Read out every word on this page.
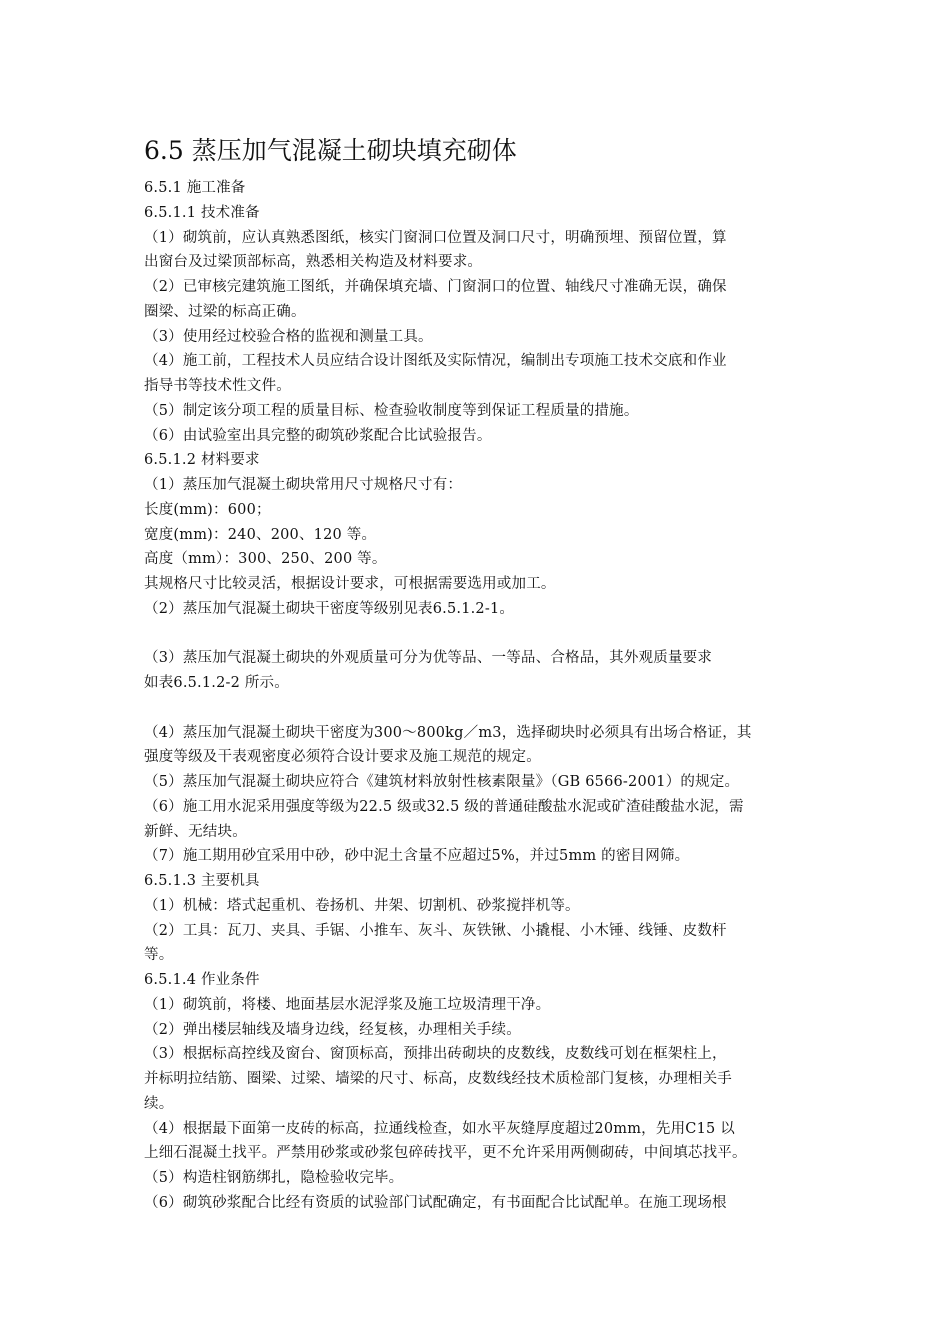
6.5 蒸压加气混凝土砌块填充砌体
6.5.1 施工准备
6.5.1.1 技术准备
（1）砌筑前，应认真熟悉图纸，核实门窗洞口位置及洞口尺寸，明确预埋、预留位置，算
出窗台及过梁顶部标高，熟悉相关构造及材料要求。
（2）已审核完建筑施工图纸，并确保填充墙、门窗洞口的位置、轴线尺寸准确无误，确保
圈梁、过梁的标高正确。
（3）使用经过校验合格的监视和测量工具。
（4）施工前，工程技术人员应结合设计图纸及实际情况，编制出专项施工技术交底和作业
指导书等技术性文件。
（5）制定该分项工程的质量目标、检查验收制度等到保证工程质量的措施。
（6）由试验室出具完整的砌筑砂浆配合比试验报告。
6.5.1.2 材料要求
（1）蒸压加气混凝土砌块常用尺寸规格尺寸有：
长度(mm)：600；
宽度(mm)：240、200、120 等。
高度（mm）：300、250、200 等。
其规格尺寸比较灵活，根据设计要求，可根据需要选用或加工。
（2）蒸压加气混凝土砌块干密度等级别见表6.5.1.2-1。
（3）蒸压加气混凝土砌块的外观质量可分为优等品、一等品、合格品，其外观质量要求
如表6.5.1.2-2 所示。
（4）蒸压加气混凝土砌块干密度为300～800kg／m3，选择砌块时必须具有出场合格证，其
强度等级及干表观密度必须符合设计要求及施工规范的规定。
（5）蒸压加气混凝土砌块应符合《建筑材料放射性核素限量》（GB 6566-2001）的规定。
（6）施工用水泥采用强度等级为22.5 级或32.5 级的普通硅酸盐水泥或矿渣硅酸盐水泥，需
新鲜、无结块。
（7）施工期用砂宜采用中砂，砂中泥土含量不应超过5%，并过5mm 的密目网筛。
6.5.1.3 主要机具
（1）机械：塔式起重机、卷扬机、井架、切割机、砂浆搅拌机等。
（2）工具：瓦刀、夹具、手锯、小推车、灰斗、灰铁锹、小撬棍、小木锤、线锤、皮数杆
等。
6.5.1.4 作业条件
（1）砌筑前，将楼、地面基层水泥浮浆及施工垃圾清理干净。
（2）弹出楼层轴线及墙身边线，经复核，办理相关手续。
（3）根据标高控线及窗台、窗顶标高，预排出砖砌块的皮数线，皮数线可划在框架柱上，
并标明拉结筋、圈梁、过梁、墙梁的尺寸、标高，皮数线经技术质检部门复核，办理相关手
续。
（4）根据最下面第一皮砖的标高，拉通线检查，如水平灰缝厚度超过20mm，先用C15 以
上细石混凝土找平。严禁用砂浆或砂浆包碎砖找平，更不允许采用两侧砌砖，中间填芯找平。
（5）构造柱钢筋绑扎，隐检验收完毕。
（6）砌筑砂浆配合比经有资质的试验部门试配确定，有书面配合比试配单。在施工现场根
